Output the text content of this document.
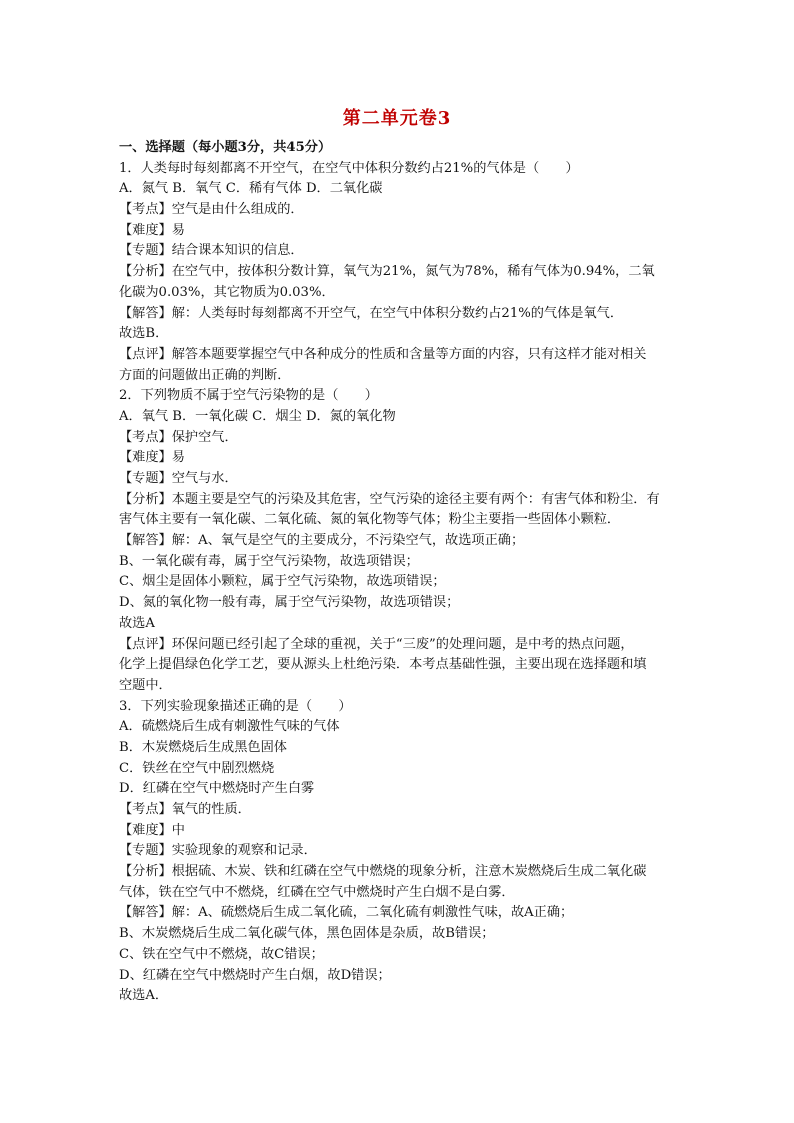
第二单元卷3
一、选择题（每小题3分，共45分）
1．人类每时每刻都离不开空气，在空气中体积分数约占21%的气体是（　　）
A．氮气 B．氧气 C．稀有气体 D．二氧化碳
【考点】空气是由什么组成的．
【难度】易
【专题】结合课本知识的信息．
【分析】在空气中，按体积分数计算，氧气为21%，氮气为78%，稀有气体为0.94%，二氧
化碳为0.03%，其它物质为0.03%．
【解答】解：人类每时每刻都离不开空气，在空气中体积分数约占21%的气体是氧气．
故选B．
【点评】解答本题要掌握空气中各种成分的性质和含量等方面的内容，只有这样才能对相关
方面的问题做出正确的判断．
2．下列物质不属于空气污染物的是（　　）
A．氧气 B．一氧化碳 C．烟尘 D．氮的氧化物
【考点】保护空气．
【难度】易
【专题】空气与水．
【分析】本题主要是空气的污染及其危害，空气污染的途径主要有两个：有害气体和粉尘．有
害气体主要有一氧化碳、二氧化硫、氮的氧化物等气体；粉尘主要指一些固体小颗粒．
【解答】解：A、氧气是空气的主要成分，不污染空气，故选项正确；
B、一氧化碳有毒，属于空气污染物，故选项错误；
C、烟尘是固体小颗粒，属于空气污染物，故选项错误；
D、氮的氧化物一般有毒，属于空气污染物，故选项错误；
故选A
【点评】环保问题已经引起了全球的重视，关于“三废”的处理问题，是中考的热点问题，
化学上提倡绿色化学工艺，要从源头上杜绝污染．本考点基础性强，主要出现在选择题和填
空题中．
3．下列实验现象描述正确的是（　　）
A．硫燃烧后生成有刺激性气味的气体
B．木炭燃烧后生成黑色固体
C．铁丝在空气中剧烈燃烧
D．红磷在空气中燃烧时产生白雾
【考点】氧气的性质．
【难度】中
【专题】实验现象的观察和记录．
【分析】根据硫、木炭、铁和红磷在空气中燃烧的现象分析，注意木炭燃烧后生成二氧化碳
气体，铁在空气中不燃烧，红磷在空气中燃烧时产生白烟不是白雾．
【解答】解：A、硫燃烧后生成二氧化硫，二氧化硫有刺激性气味，故A正确；
B、木炭燃烧后生成二氧化碳气体，黑色固体是杂质，故B错误；
C、铁在空气中不燃烧，故C错误；
D、红磷在空气中燃烧时产生白烟，故D错误；
故选A．
